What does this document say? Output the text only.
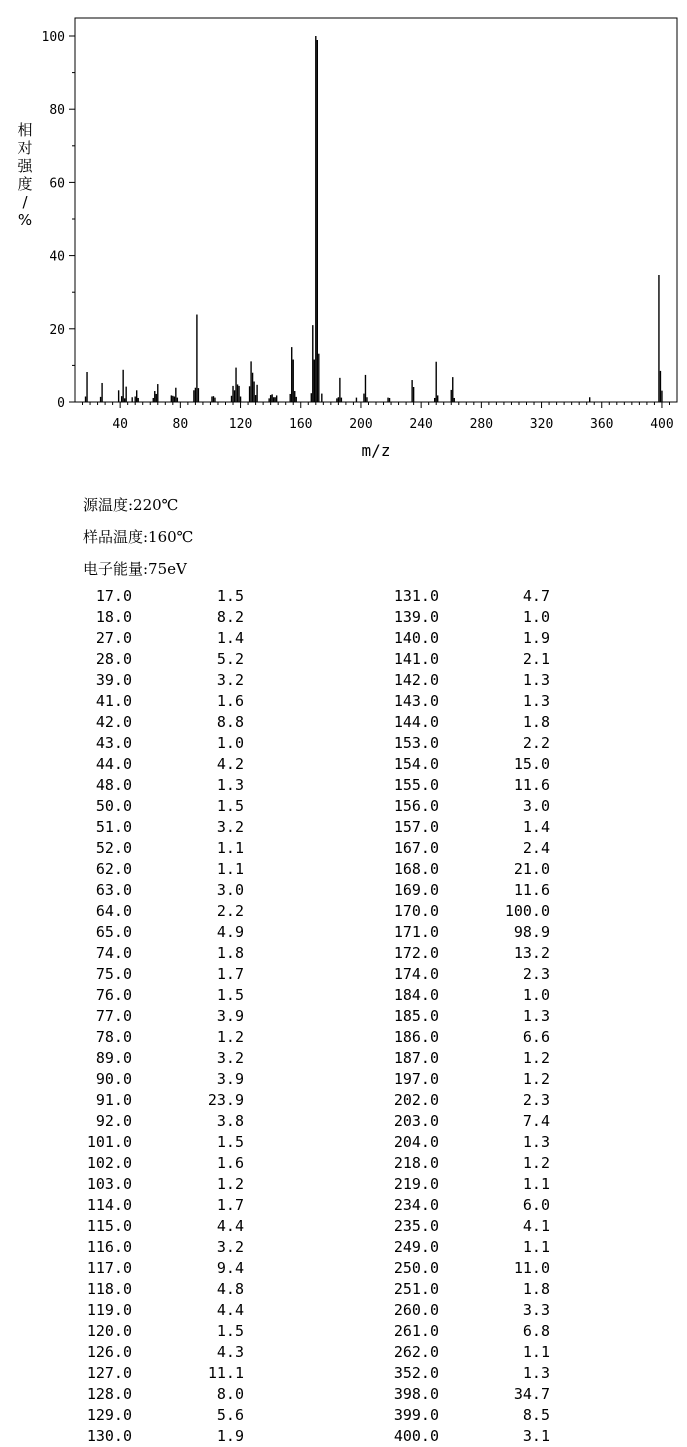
0
20
40
60
80
100
40	80	120	160	200	240	280	320	360	400
m/z
相对强度/ %
源温度:220℃
样品温度:160℃
电子能量:75eV
17.0	1.5
18.0	8.2
27.0	1.4
28.0	5.2
39.0	3.2
41.0	1.6
42.0	8.8
43.0	1.0
44.0	4.2
48.0	1.3
50.0	1.5
51.0	3.2
52.0	1.1
62.0	1.1
63.0	3.0
64.0	2.2
65.0	4.9
74.0	1.8
75.0	1.7
76.0	1.5
77.0	3.9
78.0	1.2
89.0	3.2
90.0	3.9
91.0	23.9
92.0	3.8
101.0	1.5
102.0	1.6
103.0	1.2
114.0	1.7
115.0	4.4
116.0	3.2
117.0	9.4
118.0	4.8
119.0	4.4
120.0	1.5
126.0	4.3
127.0	11.1
128.0	8.0
129.0	5.6
130.0	1.9
131.0	4.7
139.0	1.0
140.0	1.9
141.0	2.1
142.0	1.3
143.0	1.3
144.0	1.8
153.0	2.2
154.0	15.0
155.0	11.6
156.0	3.0
157.0	1.4
167.0	2.4
168.0	21.0
169.0	11.6
170.0	100.0
171.0	98.9
172.0	13.2
174.0	2.3
184.0	1.0
185.0	1.3
186.0	6.6
187.0	1.2
197.0	1.2
202.0	2.3
203.0	7.4
204.0	1.3
218.0	1.2
219.0	1.1
234.0	6.0
235.0	4.1
249.0	1.1
250.0	11.0
251.0	1.8
260.0	3.3
261.0	6.8
262.0	1.1
352.0	1.3
398.0	34.7
399.0	8.5
400.0	3.1
